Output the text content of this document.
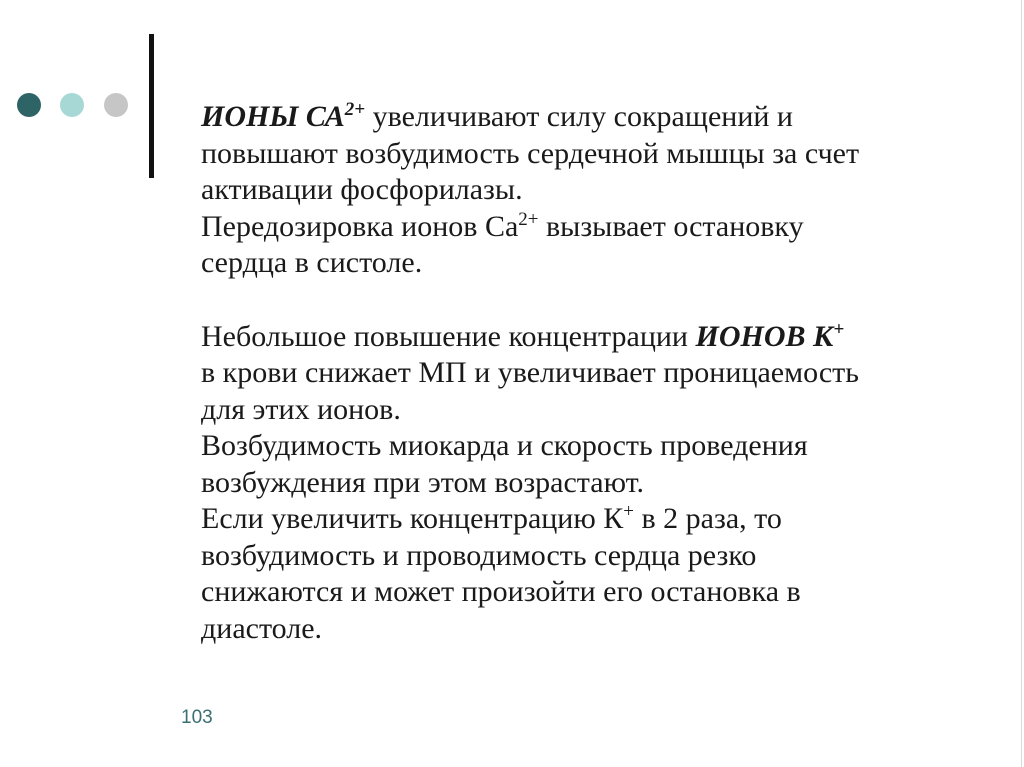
ИОНЫ $СА^{2+}$ увеличивают силу сокращений и
повышают возбудимость сердечной мышцы за счет
активации фосфорилазы.
Передозировка ионов $Са^{2+}$ вызывает остановку
сердца в систоле.
Небольшое повышение концентрации ИОНОВ К+
в крови снижает МП и увеличивает проницаемость
для этих ионов.
Возбудимость миокарда и скорость проведения
возбуждения при этом возрастают.
Если увеличить концентрацию К+ в 2 раза, то
возбудимость и проводимость сердца резко
снижаются и может произойти его остановка в
диастоле.
103
